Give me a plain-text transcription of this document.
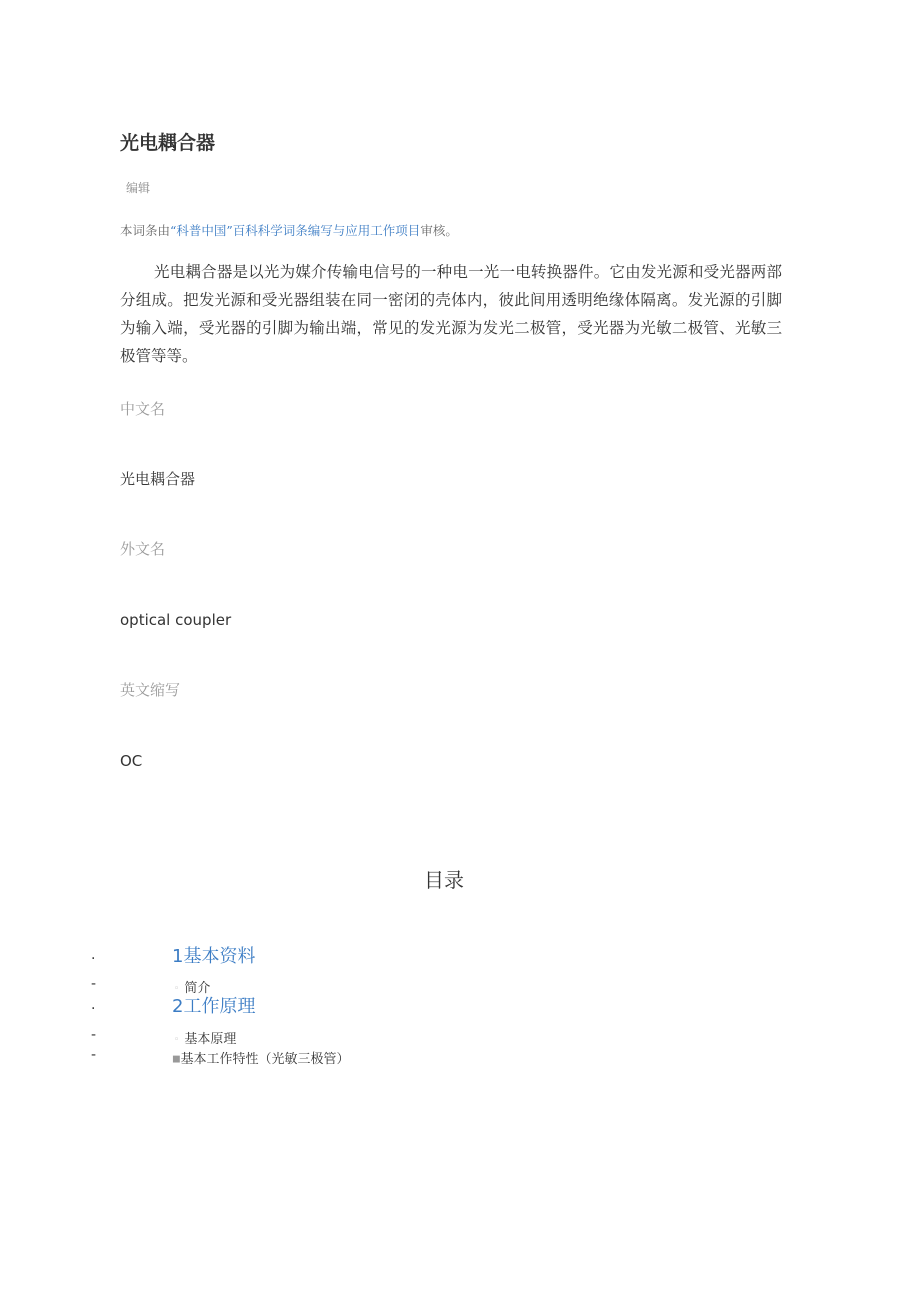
光电耦合器
编辑
本词条由“科普中国”百科科学词条编写与应用工作项目审核。
光电耦合器是以光为媒介传输电信号的一种电一光一电转换器件。它由发光源和受光器两部分组成。把发光源和受光器组装在同一密闭的壳体内，彼此间用透明绝缘体隔离。发光源的引脚为输入端，受光器的引脚为输出端，常见的发光源为发光二极管，受光器为光敏二极管、光敏三极管等等。
中文名
光电耦合器
外文名
optical coupler
英文缩写
OC
目录
.	1基本资料
-	◦ 简介
.	2工作原理
-	◦ 基本原理
-	■基本工作特性（光敏三极管）
